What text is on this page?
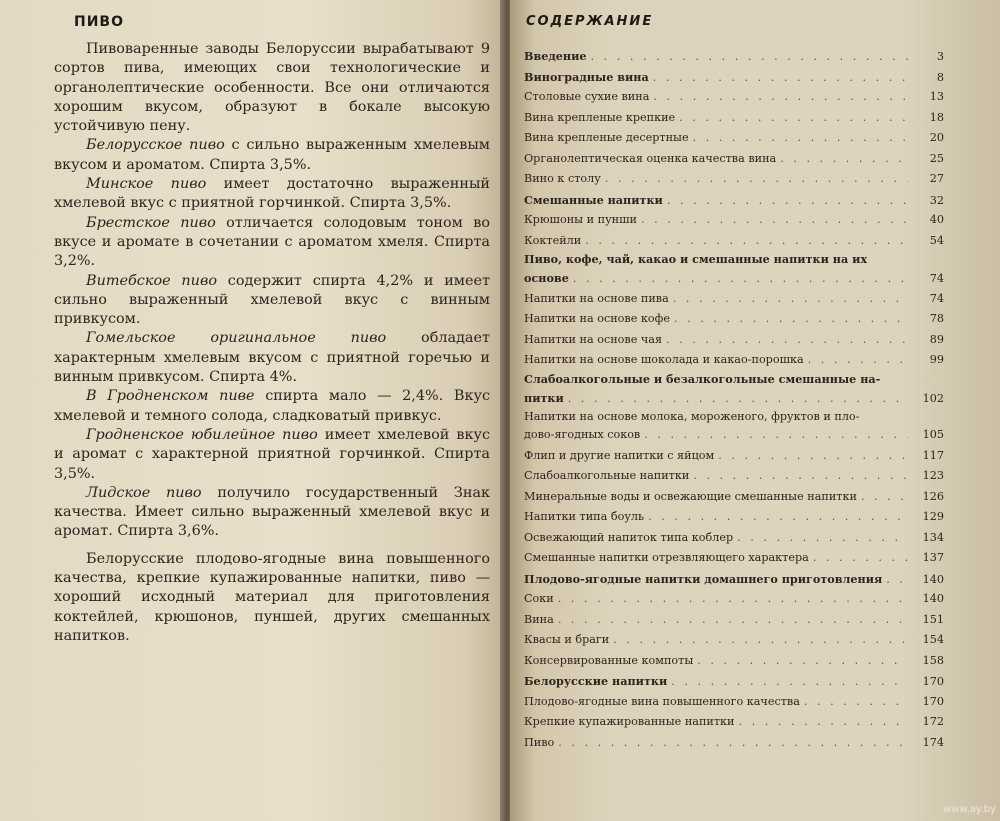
ПИВО

Пивоваренные заводы Белоруссии вырабатывают 9 сортов пива, имеющих свои технологические и органолептические особенности. Все они отличаются хорошим вкусом, образуют в бокале высокую устойчивую пену.

Белорусское пиво с сильно выраженным хмелевым вкусом и ароматом. Спирта 3,5%.

Минское пиво имеет достаточно выраженный хмелевой вкус с приятной горчинкой. Спирта 3,5%.

Брестское пиво отличается солодовым тоном во вкусе и аромате в сочетании с ароматом хмеля. Спирта 3,2%.

Витебское пиво содержит спирта 4,2% и имеет сильно выраженный хмелевой вкус с винным привкусом.

Гомельское оригинальное пиво обладает характерным хмелевым вкусом с приятной горечью и винным привкусом. Спирта 4%.

В Гродненском пиве спирта мало — 2,4%. Вкус хмелевой и темного солода, сладковатый привкус.

Гродненское юбилейное пиво имеет хмелевой вкус и аромат с характерной приятной горчинкой. Спирта 3,5%.

Лидское пиво получило государственный Знак качества. Имеет сильно выраженный хмелевой вкус и аромат. Спирта 3,6%.

Белорусские плодово-ягодные вина повышенного качества, крепкие купажированные напитки, пиво — хороший исходный материал для приготовления коктейлей, крюшонов, пуншей, других смешанных напитков.

СОДЕРЖАНИЕ
Введение . . .	3
Виноградные вина . . .	8
Столовые сухие вина . . .	13
Вина крепленые крепкие . . .	18
Вина крепленые десертные . . .	20
Органолептическая оценка качества вина . . .	25
Вино к столу . . .	27
Смешанные напитки . . .	32
Крюшоны и пунши . . .	40
Коктейли . . .	54
Пиво, кофе, чай, какао и смешанные напитки на их
основе . . .	74
Напитки на основе пива . . .	74
Напитки на основе кофе . . .	78
Напитки на основе чая . . .	89
Напитки на основе шоколада и какао-порошка . . .	99
Слабоалкогольные и безалкогольные смешанные на-
питки . . .	102
Напитки на основе молока, мороженого, фруктов и пло-
дово-ягодных соков . . .	105
Флип и другие напитки с яйцом . . .	117
Слабоалкогольные напитки . . .	123
Минеральные воды и освежающие смешанные напитки . . .	126
Напитки типа боуль . . .	129
Освежающий напиток типа коблер . . .	134
Смешанные напитки отрезвляющего характера . . .	137
Плодово-ягодные напитки домашнего приготовления . . .	140
Соки . . .	140
Вина . . .	151
Квасы и браги . . .	154
Консервированные компоты . . .	158
Белорусские напитки . . .	170
Плодово-ягодные вина повышенного качества . . .	170
Крепкие купажированные напитки . . .	172
Пиво . . .	174
www.ay.by
